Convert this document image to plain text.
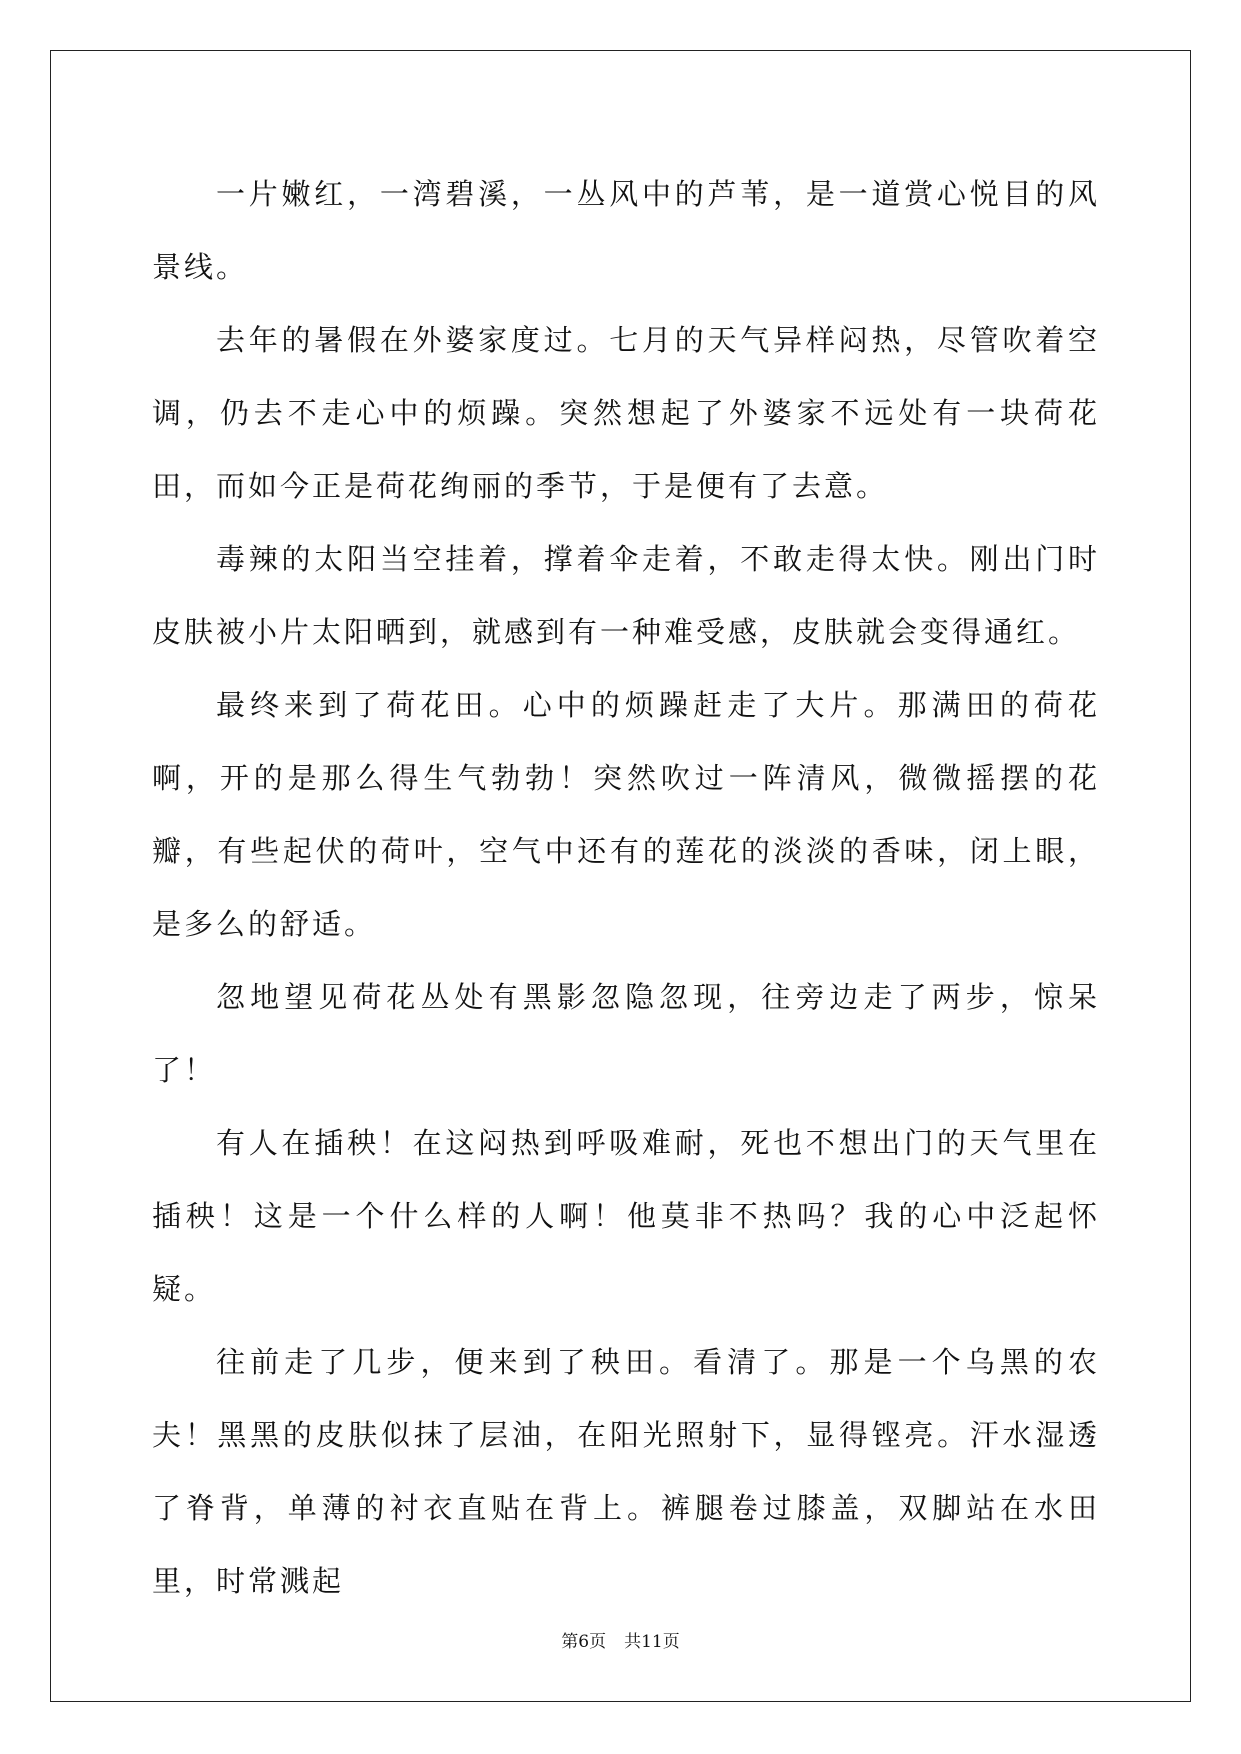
一片嫩红，一湾碧溪，一丛风中的芦苇，是一道赏心悦目的风景线。

去年的暑假在外婆家度过。七月的天气异样闷热，尽管吹着空调，仍去不走心中的烦躁。突然想起了外婆家不远处有一块荷花田，而如今正是荷花绚丽的季节，于是便有了去意。

毒辣的太阳当空挂着，撑着伞走着，不敢走得太快。刚出门时皮肤被小片太阳晒到，就感到有一种难受感，皮肤就会变得通红。

最终来到了荷花田。心中的烦躁赶走了大片。那满田的荷花啊，开的是那么得生气勃勃！突然吹过一阵清风，微微摇摆的花瓣，有些起伏的荷叶，空气中还有的莲花的淡淡的香味，闭上眼，是多么的舒适。

忽地望见荷花丛处有黑影忽隐忽现，往旁边走了两步，惊呆了！

有人在插秧！在这闷热到呼吸难耐，死也不想出门的天气里在插秧！这是一个什么样的人啊！他莫非不热吗？我的心中泛起怀疑。

往前走了几步，便来到了秧田。看清了。那是一个乌黑的农夫！黑黑的皮肤似抹了层油，在阳光照射下，显得铿亮。汗水湿透了脊背，单薄的衬衣直贴在背上。裤腿卷过膝盖，双脚站在水田里，时常溅起

第6页 共11页
